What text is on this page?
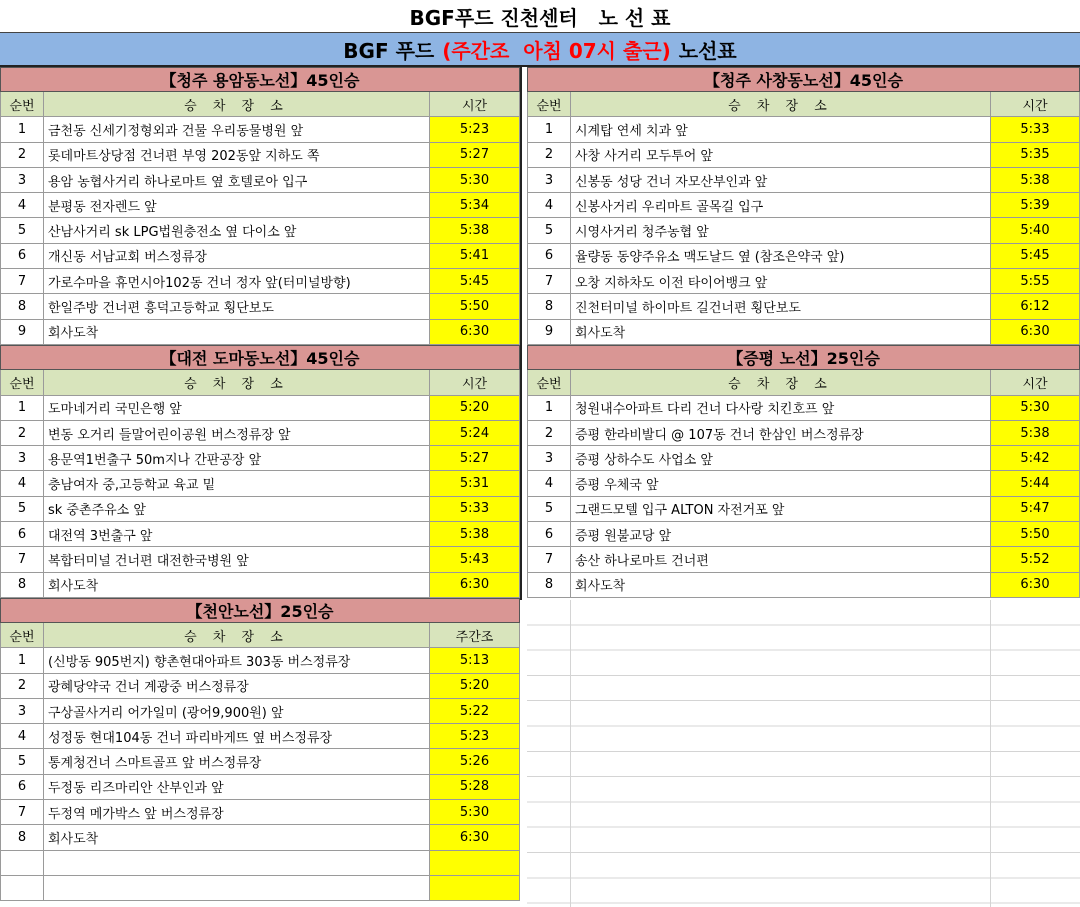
BGF푸드 진천센터   노 선 표
BGF 푸드 (주간조  아침 07시 출근) 노선표
【청주 용암동노선】45인승
순번	승 차 장 소	시간
1	금천동 신세기정형외과 건물 우리동물병원 앞	5:23
2	롯데마트상당점 건너편 부영 202동앞 지하도 쪽	5:27
3	용암 농협사거리 하나로마트 옆 호텔로아 입구	5:30
4	분평동 전자렌드 앞	5:34
5	산남사거리 sk LPG법원충전소 옆 다이소 앞	5:38
6	개신동 서남교회 버스정류장	5:41
7	가로수마을 휴먼시아102동 건너 정자 앞(터미널방향)	5:45
8	한일주방 건너편 흥덕고등학교 횡단보도	5:50
9	회사도착	6:30
【청주 사창동노선】45인승
순번	승 차 장 소	시간
1	시계탑 연세 치과 앞	5:33
2	사창 사거리 모두투어 앞	5:35
3	신봉동 성당 건너 자모산부인과 앞	5:38
4	신봉사거리 우리마트 골목길 입구	5:39
5	시영사거리 청주농협 앞	5:40
6	율량동 동양주유소 맥도날드 옆 (참조은약국 앞)	5:45
7	오창 지하차도 이전 타이어뱅크 앞	5:55
8	진천터미널 하이마트 길건너편 횡단보도	6:12
9	회사도착	6:30
【대전 도마동노선】45인승
순번	승 차 장 소	시간
1	도마네거리 국민은행 앞	5:20
2	변동 오거리 들말어린이공원 버스정류장 앞	5:24
3	용문역1번출구 50m지나 간판공장 앞	5:27
4	충남여자 중,고등학교 육교 밑	5:31
5	sk 중촌주유소 앞	5:33
6	대전역 3번출구 앞	5:38
7	복합터미널 건너편 대전한국병원 앞	5:43
8	회사도착	6:30
【증평 노선】25인승
순번	승 차 장 소	시간
1	청원내수아파트 다리 건너 다사랑 치킨호프 앞	5:30
2	증평 한라비발디 @ 107동 건너 한삼인 버스정류장	5:38
3	증평 상하수도 사업소 앞	5:42
4	증평 우체국 앞	5:44
5	그랜드모텔 입구 ALTON 자전거포 앞	5:47
6	증평 원불교당 앞	5:50
7	송산 하나로마트 건너편	5:52
8	회사도착	6:30
【천안노선】25인승
순번	승 차 장 소	주간조
1	(신방동 905번지) 향촌현대아파트 303동 버스정류장	5:13
2	광혜당약국 건너 계광중 버스정류장	5:20
3	구상골사거리 어가일미 (광어9,900원) 앞	5:22
4	성정동 현대104동 건너 파리바게뜨 옆 버스정류장	5:23
5	통계청건너 스마트골프 앞 버스정류장	5:26
6	두정동 리즈마리안 산부인과 앞	5:28
7	두정역 메가박스 앞 버스정류장	5:30
8	회사도착	6:30
